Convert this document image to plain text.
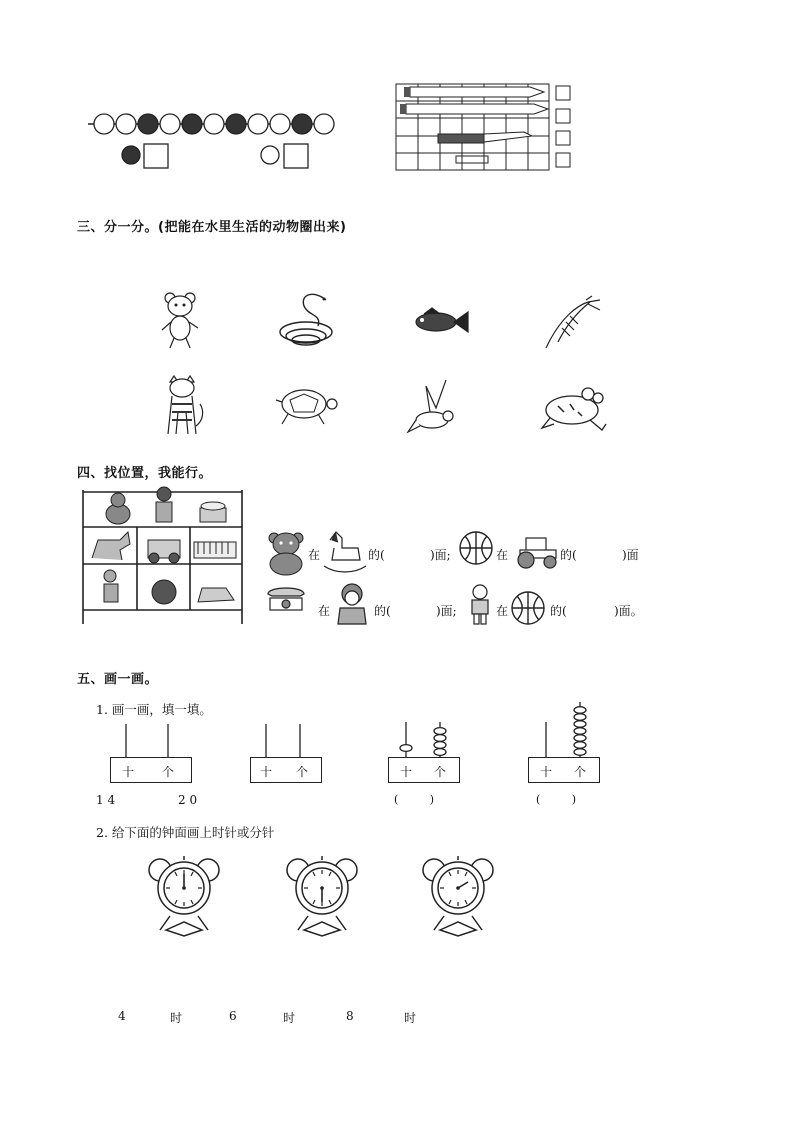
三、分一分。(把能在水里生活的动物圈出来)
四、找位置，我能行。
在	的(	)面;	在	的(	)面
在	的(	)面;	在	的(	)面。
五、画一画。
1. 画一画，填一填。
十 个
1 4
十 个
2 0
十 个
(         )
十 个
(         )
2. 给下面的钟面画上时针或分针
4	时	6	时	8	时
